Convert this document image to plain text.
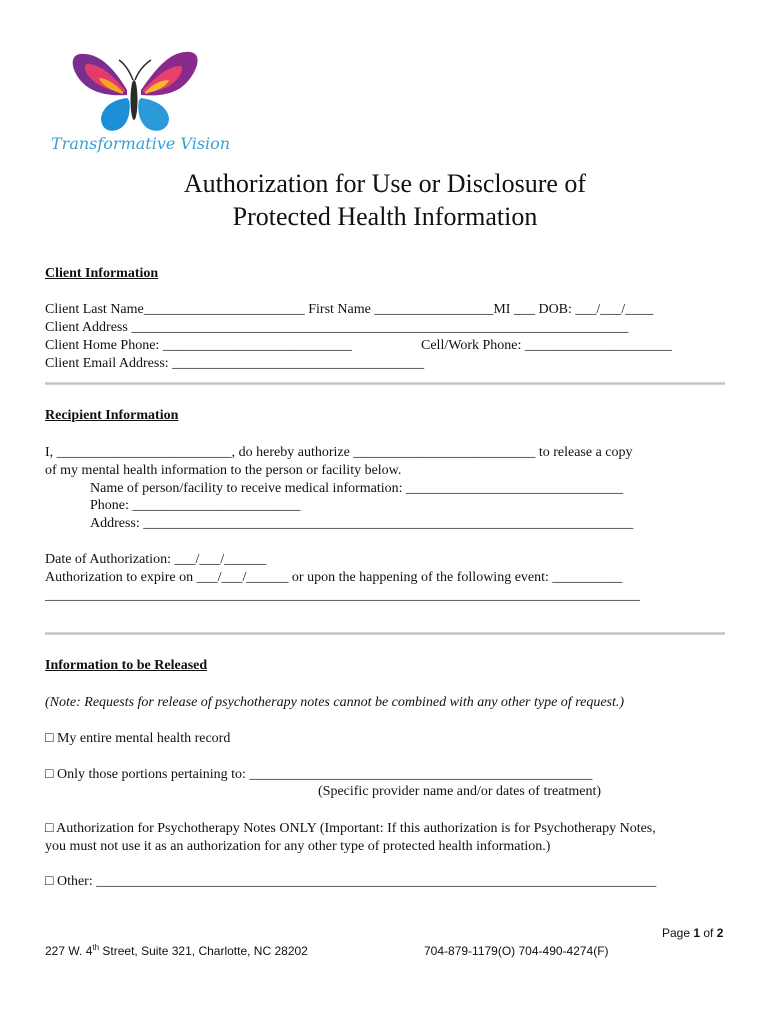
Transformative Vision
Authorization for Use or Disclosure of
Protected Health Information
Client Information
Client Last Name_______________________ First Name _________________MI ___ DOB: ___/___/____
Client Address _______________________________________________________________________
Client Home Phone: ___________________________	Cell/Work Phone: _____________________
Client Email Address: ____________________________________
Recipient Information
I, _________________________, do hereby authorize __________________________ to release a copy
of my mental health information to the person or facility below.
Name of person/facility to receive medical information: _______________________________
Phone: ________________________
Address: ______________________________________________________________________
Date of Authorization: ___/___/______
Authorization to expire on ___/___/______ or upon the happening of the following event: __________
_____________________________________________________________________________________
Information to be Released
(Note: Requests for release of psychotherapy notes cannot be combined with any other type of request.)
□ My entire mental health record
□ Only those portions pertaining to: _________________________________________________
(Specific provider name and/or dates of treatment)
□ Authorization for Psychotherapy Notes ONLY (Important: If this authorization is for Psychotherapy Notes,
you must not use it as an authorization for any other type of protected health information.)
□ Other: ________________________________________________________________________________
Page 1 of 2
227 W. 4th Street, Suite 321, Charlotte, NC 28202	704-879-1179(O) 704-490-4274(F)
